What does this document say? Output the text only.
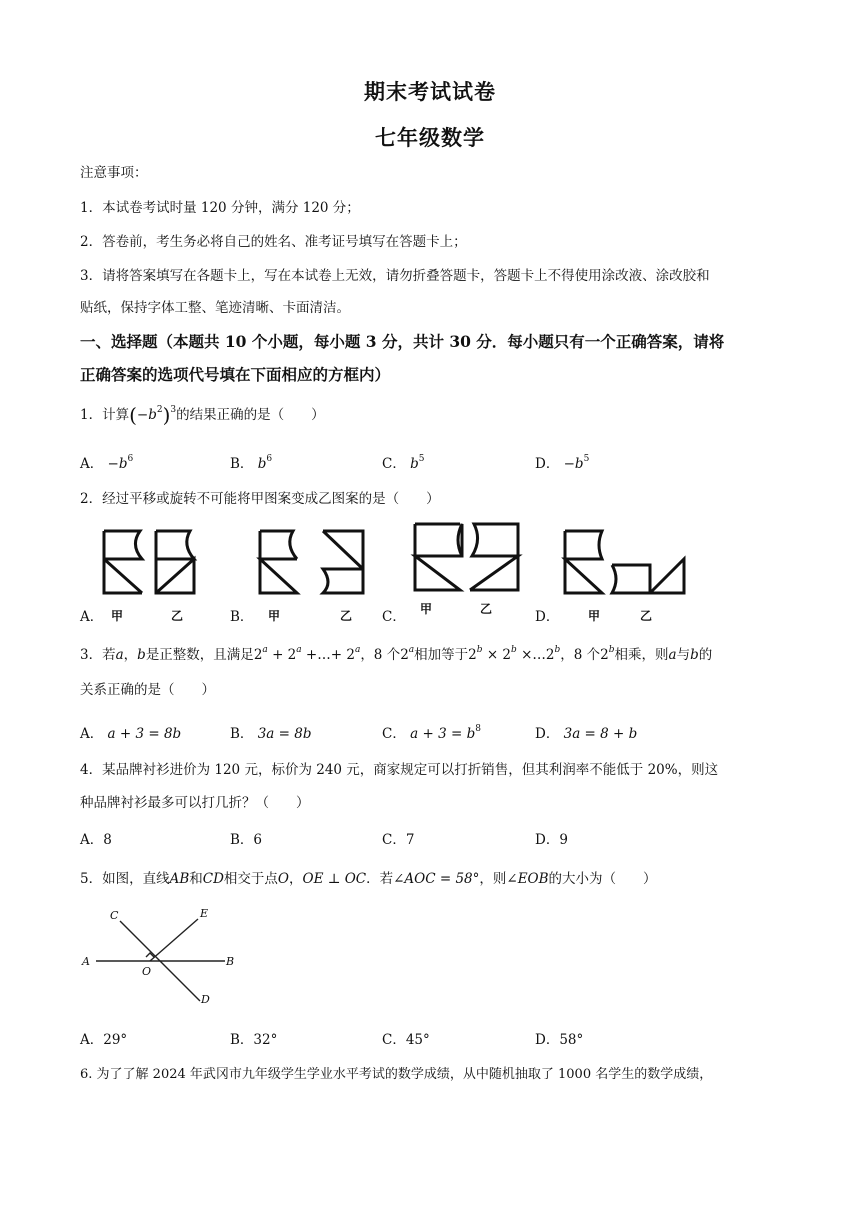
期末考试试卷
七年级数学
注意事项：
1．本试卷考试时量 120 分钟，满分 120 分；
2．答卷前，考生务必将自己的姓名、准考证号填写在答题卡上；
3．请将答案填写在各题卡上，写在本试卷上无效，请勿折叠答题卡，答题卡上不得使用涂改液、涂改胶和
贴纸，保持字体工整、笔迹清晰、卡面清洁。
一、选择题（本题共 10 个小题，每小题 3 分，共计 30 分．每小题只有一个正确答案，请将
正确答案的选项代号填在下面相应的方框内）
1．计算$(-b^2)^3$的结果正确的是（　　）
A． $-b^6$	B． $b^6$	C． $b^5$	D． $-b^5$
2．经过平移或旋转不可能将甲图案变成乙图案的是（　　）
甲	乙
A．	甲	乙
B．	甲	乙
C．	甲	乙
D．
3．若a，b是正整数，且满足$2^a + 2^a$ +…+ $2^a$，8 个2$^a$相加等于$2^b \times 2^b$ $\times\dots 2^b$，8 个2$^b$相乘，则a与b的
关系正确的是（　　）
A． a + 3 = 8b	B． 3a = 8b	C． $a + 3 = b^8$	D． 3a = 8 + b
4．某品牌衬衫进价为 120 元，标价为 240 元，商家规定可以打折销售，但其利润率不能低于 20%，则这
种品牌衬衫最多可以打几折？（　　）
A．8	B．6	C．7	D．9
5．如图，直线AB和CD相交于点O，OE ⊥ OC．若∠AOC = 58°，则∠EOB的大小为（　　）
A	B
C
D
E
O
A．29°	B．32°	C．45°	D．58°
6. 为了了解 2024 年武冈市九年级学生学业水平考试的数学成绩，从中随机抽取了 1000 名学生的数学成绩，
